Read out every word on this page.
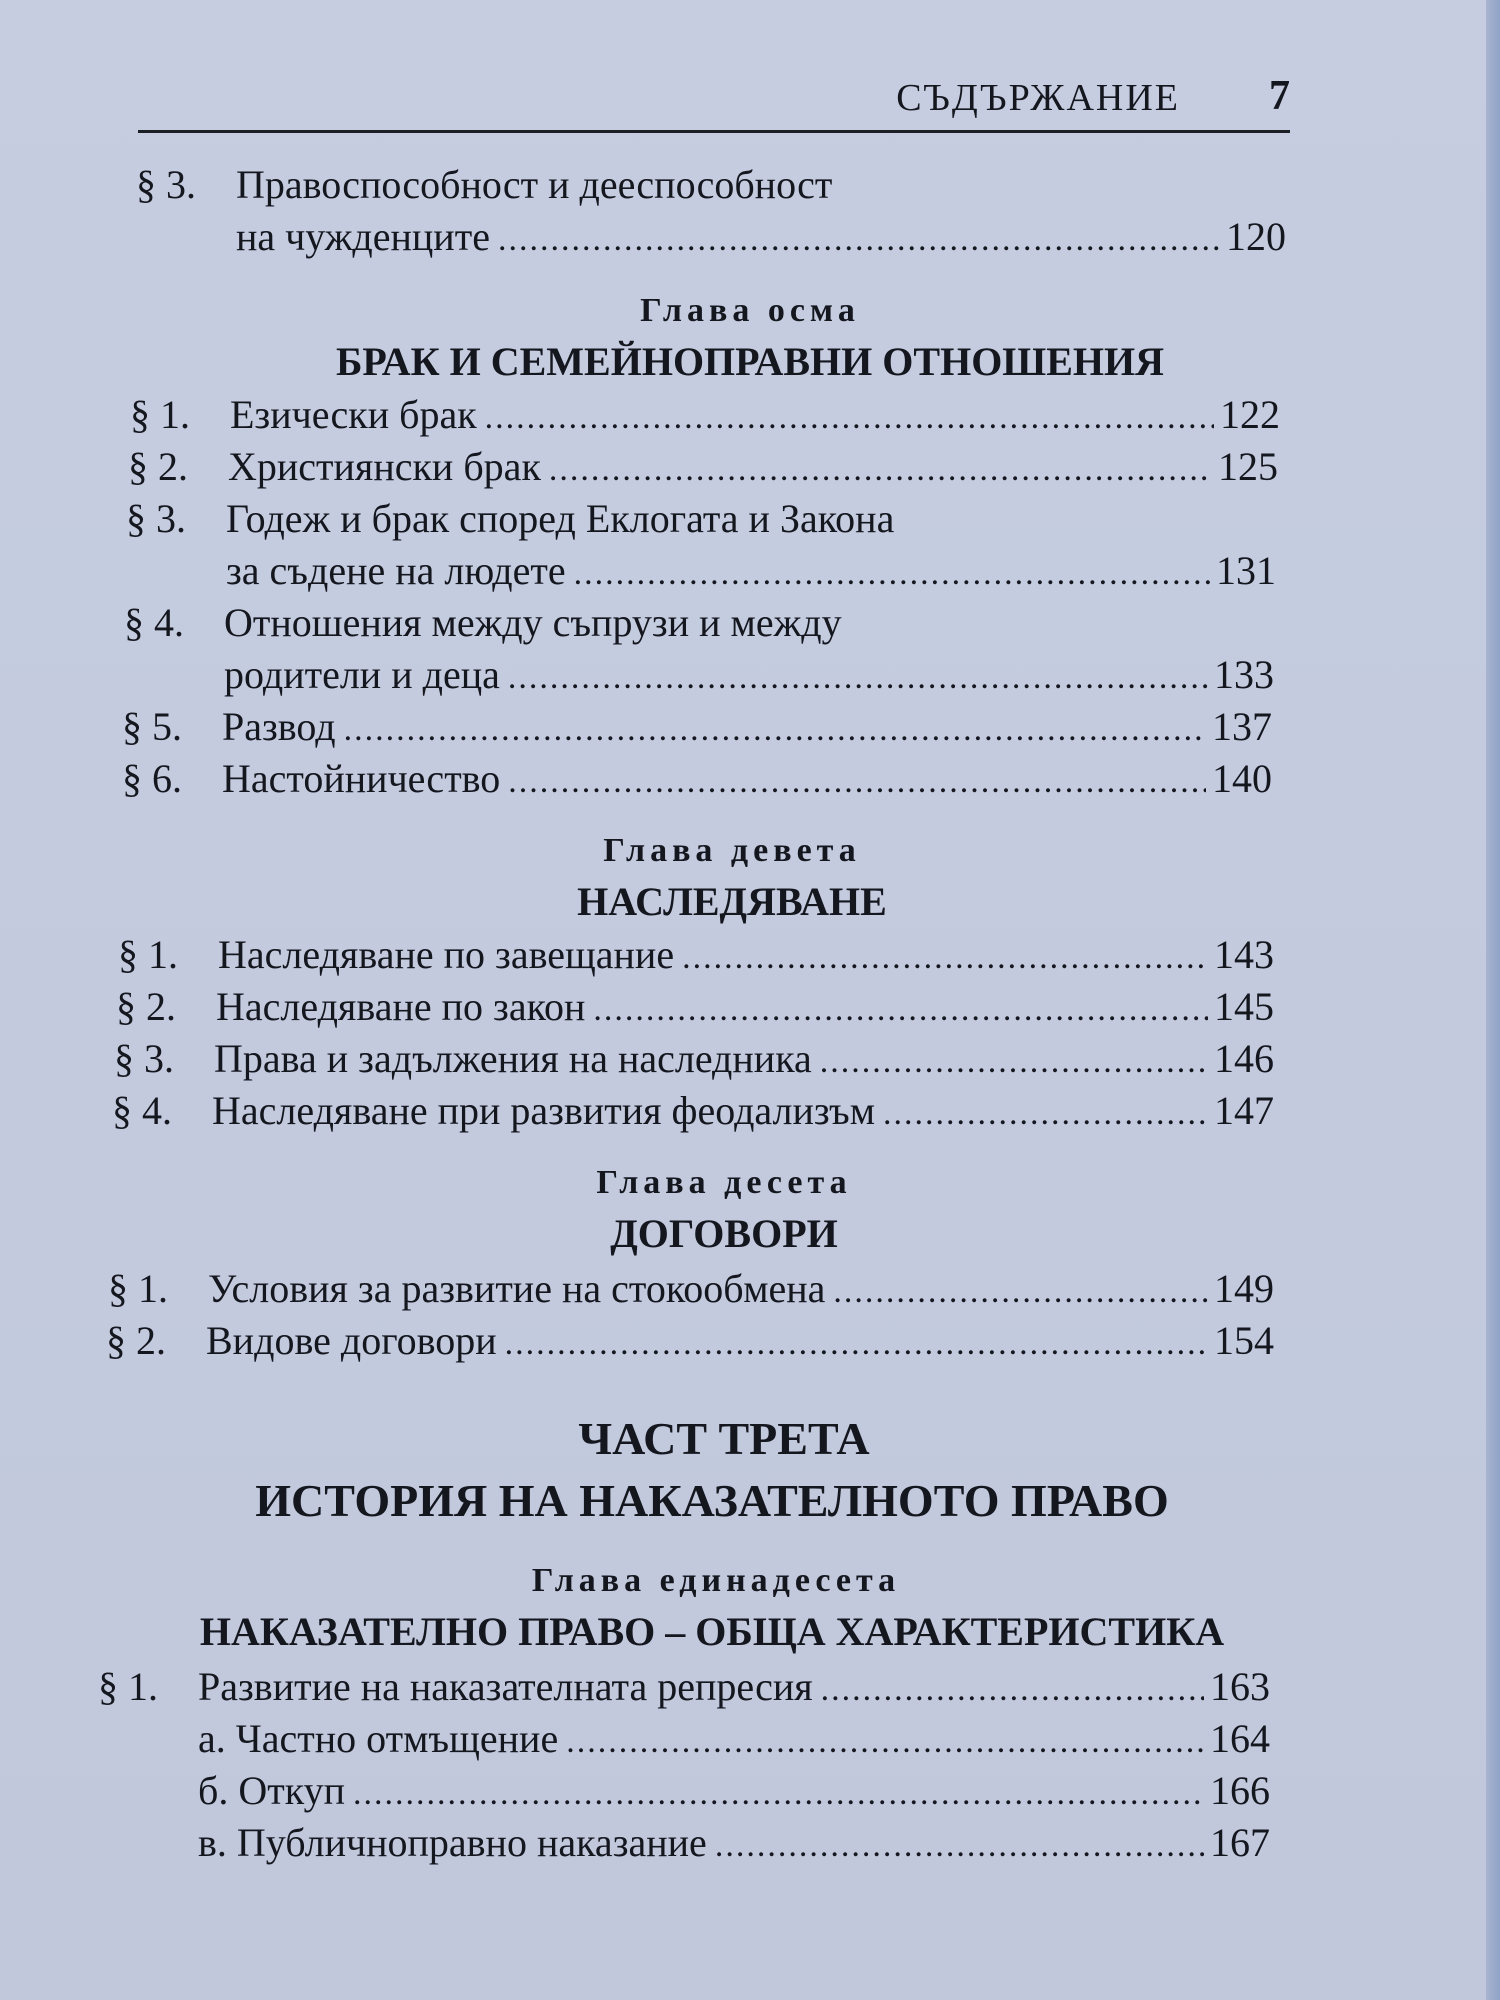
СЪДЪРЖАНИЕ 7
§ 3.	Правоспособност и дееспособност
на чужденците .....	120
Глава осма
БРАК И СЕМЕЙНОПРАВНИ ОТНОШЕНИЯ
§ 1.	Езически брак .....	122
§ 2.	Християнски брак .....	125
§ 3.	Годеж и брак според Еклогата и Закона
за съдене на людете .....	131
§ 4.	Отношения между съпрузи и между
родители и деца .....	133
§ 5.	Развод .....	137
§ 6.	Настойничество .....	140
Глава девета
НАСЛЕДЯВАНЕ
§ 1.	Наследяване по завещание .....	143
§ 2.	Наследяване по закон .....	145
§ 3.	Права и задължения на наследника .....	146
§ 4.	Наследяване при развития феодализъм .....	147
Глава десета
ДОГОВОРИ
§ 1.	Условия за развитие на стокообмена .....	149
§ 2.	Видове договори .....	154
ЧАСТ ТРЕТА
ИСТОРИЯ НА НАКАЗАТЕЛНОТО ПРАВО
Глава единадесета
НАКАЗАТЕЛНО ПРАВО – ОБЩА ХАРАКТЕРИСТИКА
§ 1.	Развитие на наказателната репресия .....	163
а. Частно отмъщение .....	164
б. Откуп .....	166
в. Публичноправно наказание .....	167
